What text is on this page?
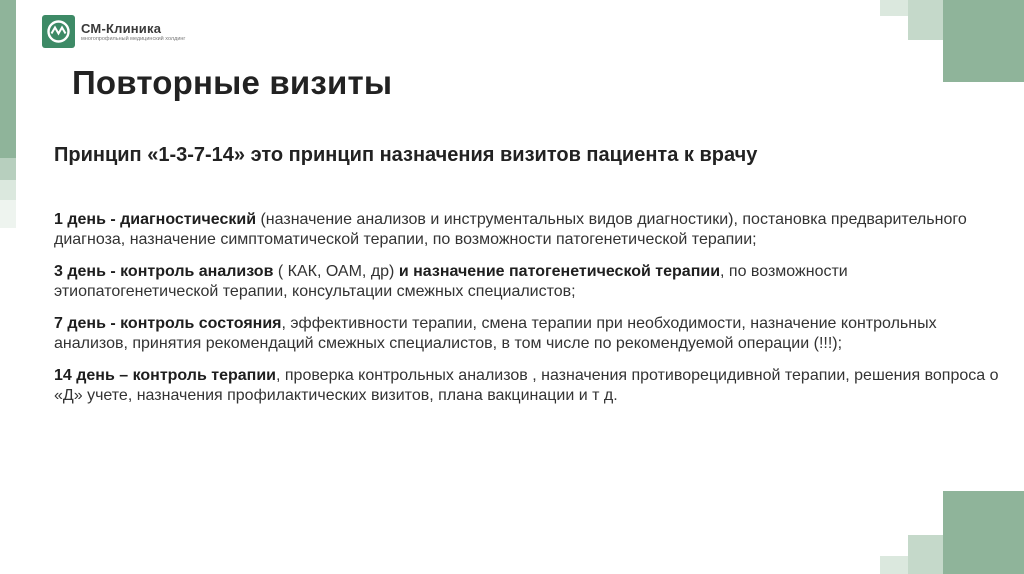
СМ-Клиника
многопрофильный медицинский холдинг
Повторные визиты
Принцип «1-3-7-14» это принцип назначения визитов пациента к врачу

1 день - диагностический (назначение анализов и инструментальных видов диагностики), постановка предварительного диагноза, назначение симптоматической терапии, по возможности патогенетической терапии;

3 день - контроль анализов ( КАК, ОАМ, др) и назначение патогенетической терапии, по возможности этиопатогенетической терапии, консультации смежных специалистов;

7 день - контроль состояния, эффективности терапии, смена терапии при необходимости, назначение контрольных анализов, принятия рекомендаций смежных специалистов, в том числе по рекомендуемой операции (!!!);

14 день – контроль терапии, проверка контрольных анализов , назначения противорецидивной терапии, решения вопроса о «Д» учете, назначения профилактических визитов, плана вакцинации и т д.
